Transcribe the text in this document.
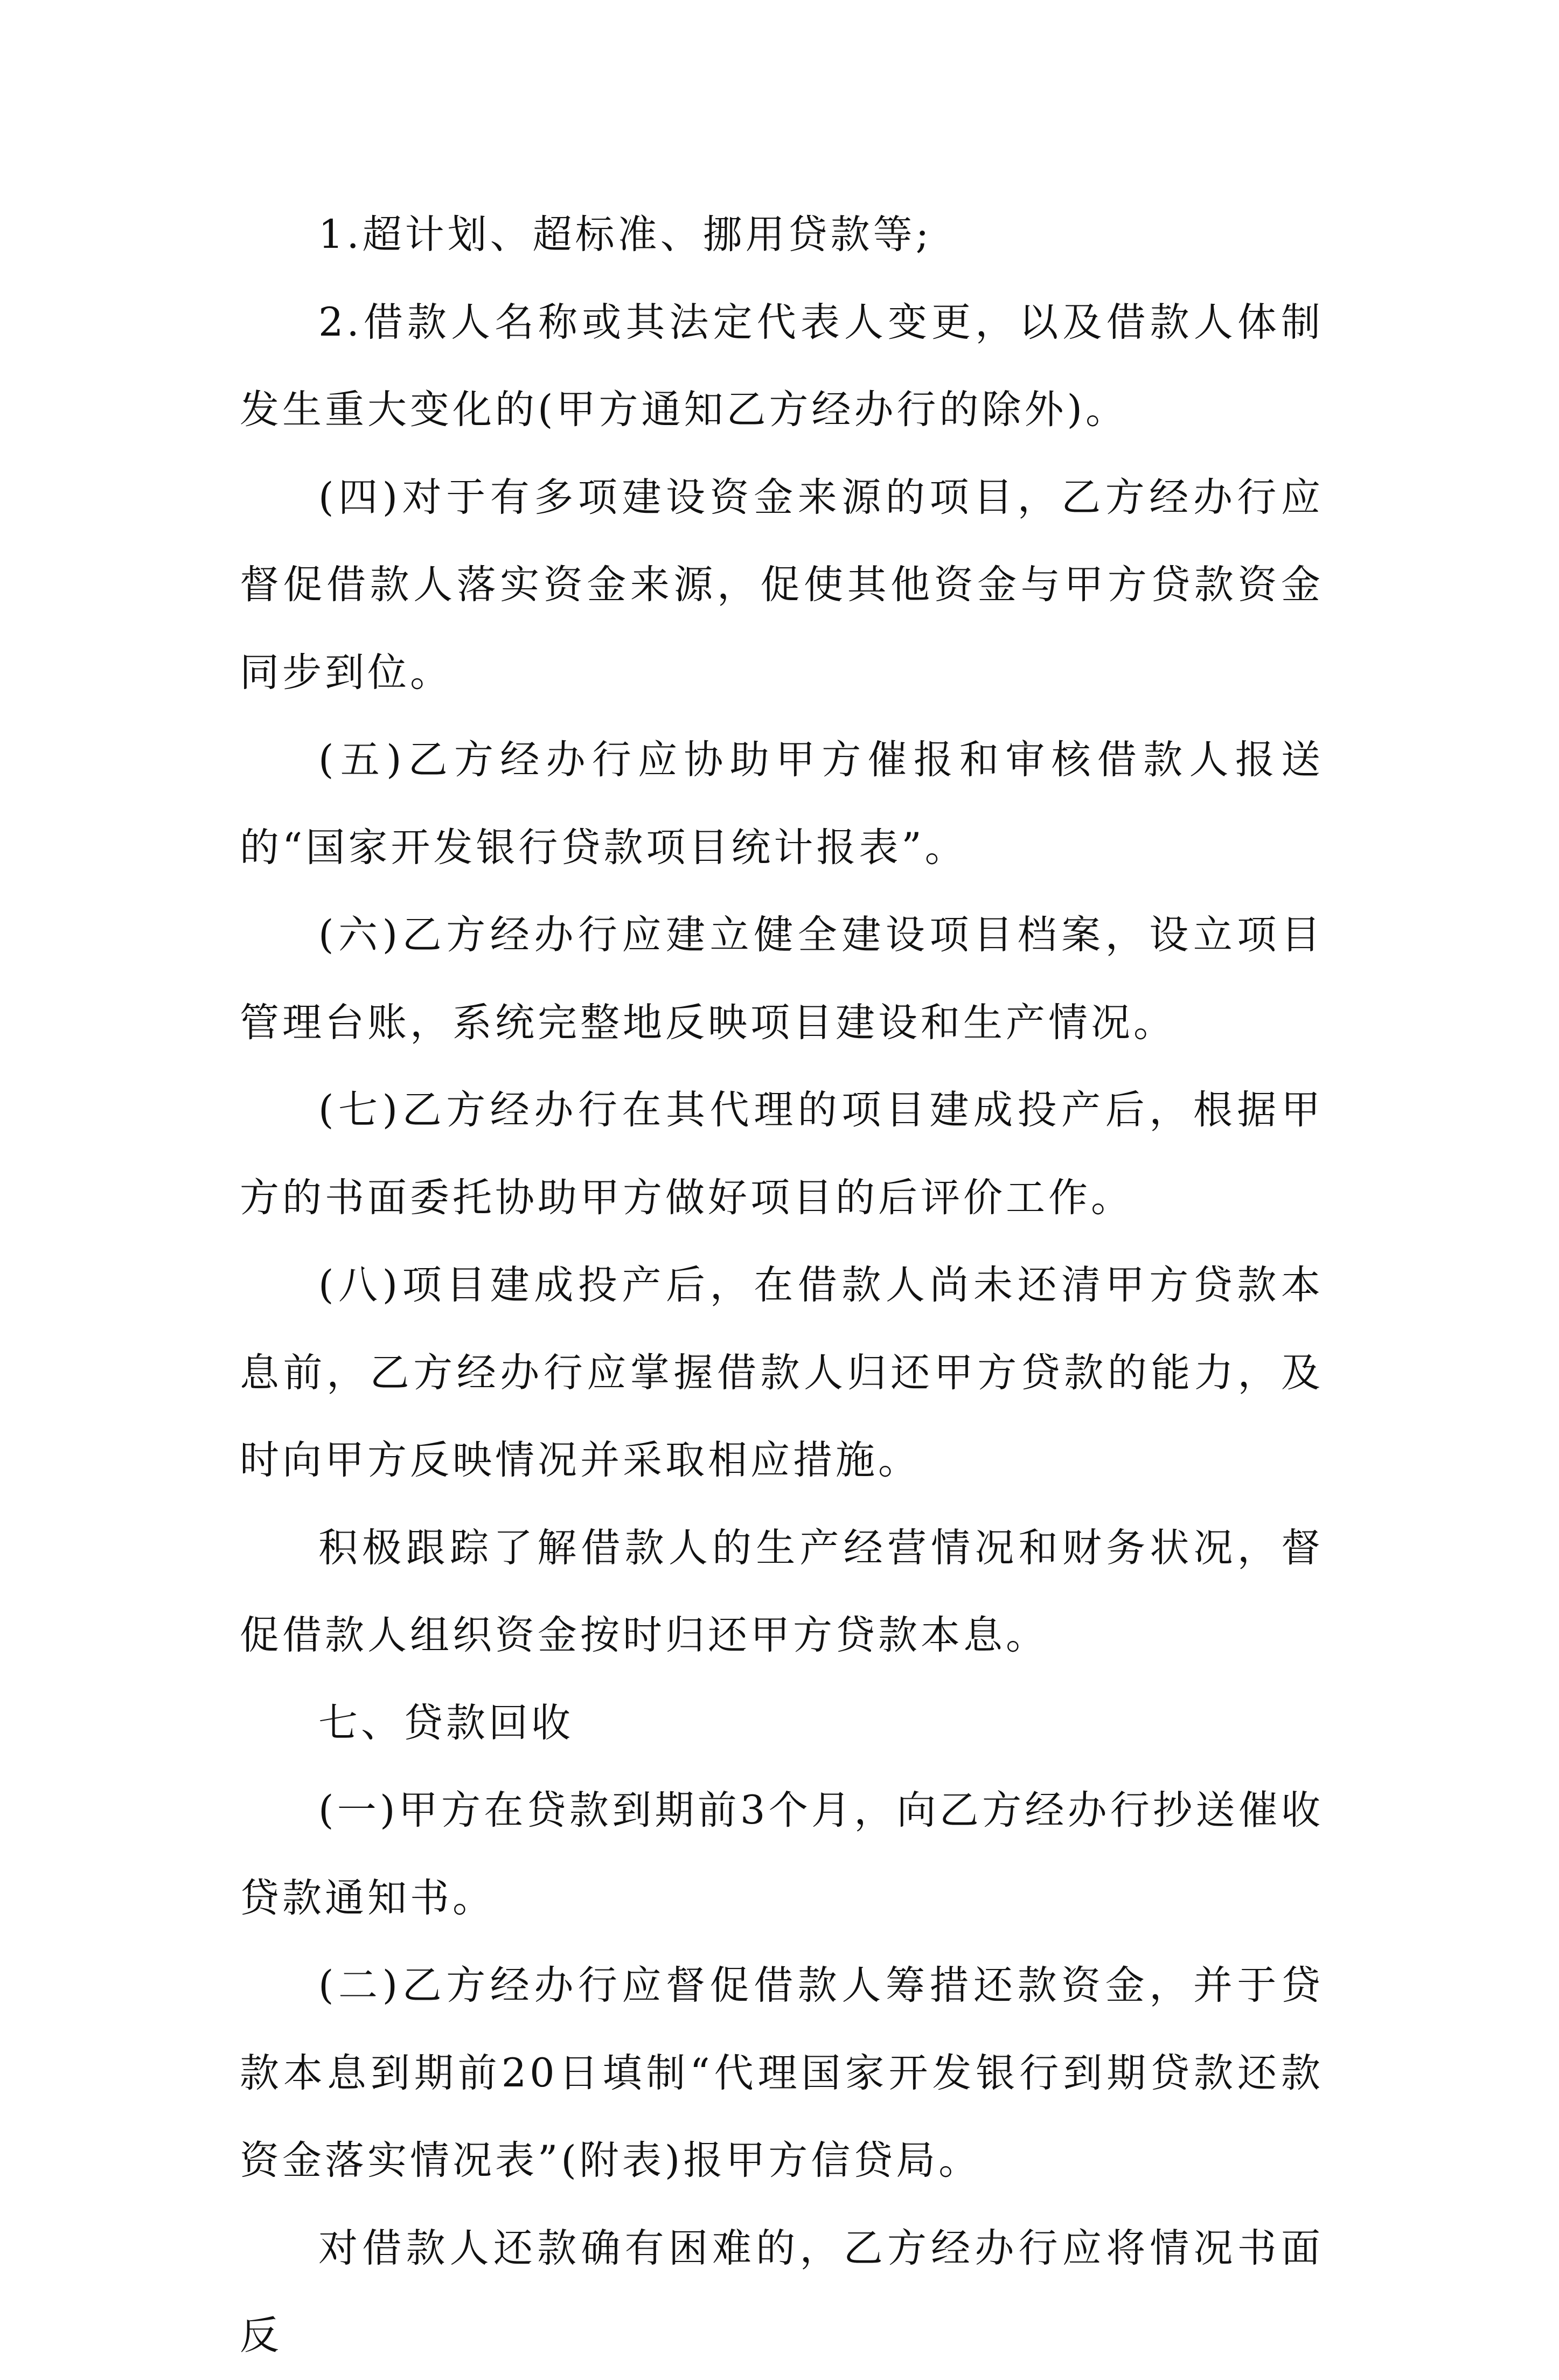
1.超计划、超标准、挪用贷款等;

2.借款人名称或其法定代表人变更，以及借款人体制发生重大变化的(甲方通知乙方经办行的除外)。

(四)对于有多项建设资金来源的项目，乙方经办行应督促借款人落实资金来源，促使其他资金与甲方贷款资金同步到位。

(五)乙方经办行应协助甲方催报和审核借款人报送的“国家开发银行贷款项目统计报表”。

(六)乙方经办行应建立健全建设项目档案，设立项目管理台账，系统完整地反映项目建设和生产情况。

(七)乙方经办行在其代理的项目建成投产后，根据甲方的书面委托协助甲方做好项目的后评价工作。

(八)项目建成投产后，在借款人尚未还清甲方贷款本息前，乙方经办行应掌握借款人归还甲方贷款的能力，及时向甲方反映情况并采取相应措施。

积极跟踪了解借款人的生产经营情况和财务状况，督促借款人组织资金按时归还甲方贷款本息。

七、贷款回收

(一)甲方在贷款到期前3个月，向乙方经办行抄送催收贷款通知书。

(二)乙方经办行应督促借款人筹措还款资金，并于贷款本息到期前20日填制“代理国家开发银行到期贷款还款资金落实情况表”(附表)报甲方信贷局。

对借款人还款确有困难的，乙方经办行应将情况书面反
